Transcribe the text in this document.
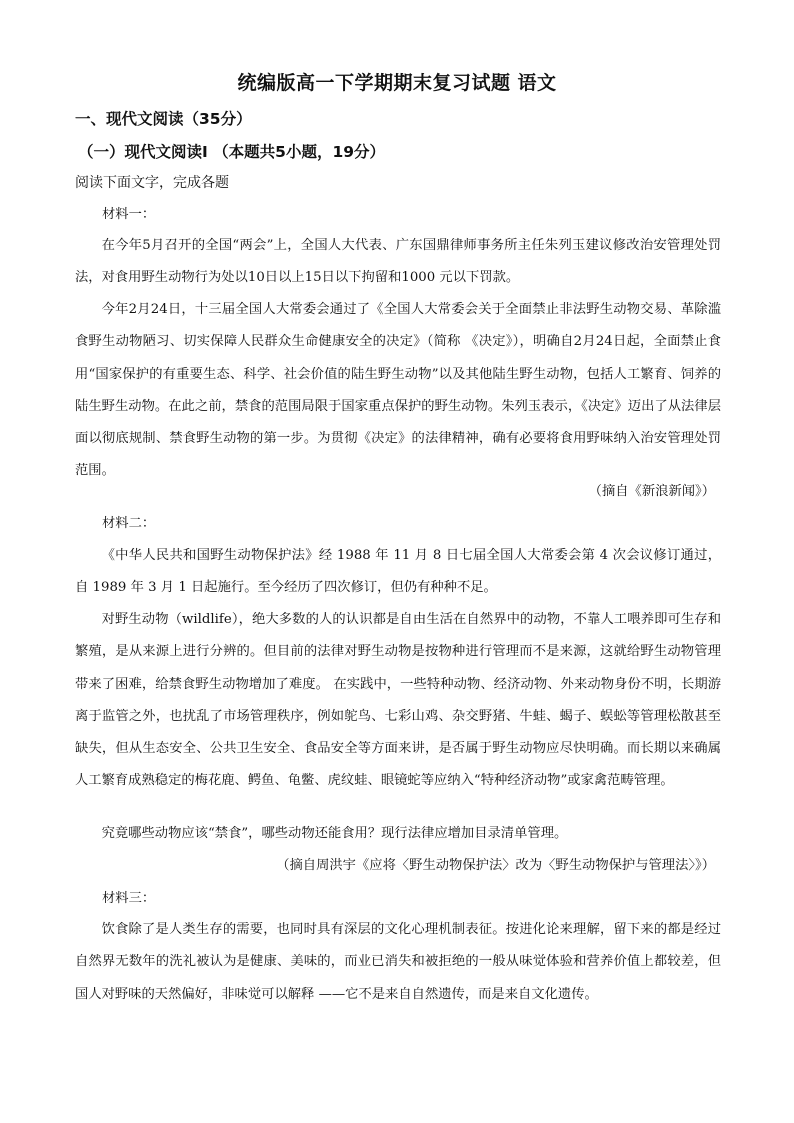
统编版高一下学期期末复习试题 语文
一、现代文阅读（35分）
（一）现代文阅读Ⅰ （本题共5小题，19分）

阅读下面文字，完成各题

材料一：

在今年5月召开的全国“两会”上，全国人大代表、广东国鼎律师事务所主任朱列玉建议修改治安管理处罚法，对食用野生动物行为处以10日以上15日以下拘留和1000 元以下罚款。

今年2月24日，十三届全国人大常委会通过了《全国人大常委会关于全面禁止非法野生动物交易、革除滥食野生动物陋习、切实保障人民群众生命健康安全的决定》（简称 《决定》），明确自2月24日起，全面禁止食用“国家保护的有重要生态、科学、社会价值的陆生野生动物”以及其他陆生野生动物，包括人工繁育、饲养的陆生野生动物。在此之前，禁食的范围局限于国家重点保护的野生动物。朱列玉表示，《决定》迈出了从法律层面以彻底规制、禁食野生动物的第一步。为贯彻《决定》的法律精神，确有必要将食用野味纳入治安管理处罚范围。

（摘自《新浪新闻》）

材料二：

《中华人民共和国野生动物保护法》经 1988 年 11 月 8 日七届全国人大常委会第 4 次会议修订通过，自 1989 年 3 月 1 日起施行。至今经历了四次修订，但仍有种种不足。

对野生动物（wildlife），绝大多数的人的认识都是自由生活在自然界中的动物，不靠人工喂养即可生存和繁殖，是从来源上进行分辨的。但目前的法律对野生动物是按物种进行管理而不是来源，这就给野生动物管理带来了困难，给禁食野生动物增加了难度。 在实践中，一些特种动物、经济动物、外来动物身份不明，长期游离于监管之外，也扰乱了市场管理秩序，例如鸵鸟、七彩山鸡、杂交野猪、牛蛙、蝎子、蜈蚣等管理松散甚至缺失，但从生态安全、公共卫生安全、食品安全等方面来讲，是否属于野生动物应尽快明确。而长期以来确属人工繁育成熟稳定的梅花鹿、鳄鱼、龟鳖、虎纹蛙、眼镜蛇等应纳入“特种经济动物”或家禽范畴管理。

究竟哪些动物应该“禁食”，哪些动物还能食用？现行法律应增加目录清单管理。

（摘自周洪宇《应将〈野生动物保护法〉改为〈野生动物保护与管理法〉》）

材料三：

饮食除了是人类生存的需要，也同时具有深层的文化心理机制表征。按进化论来理解，留下来的都是经过自然界无数年的洗礼被认为是健康、美味的，而业已消失和被拒绝的一般从味觉体验和营养价值上都较差，但国人对野味的天然偏好，非味觉可以解释 ——它不是来自自然遗传，而是来自文化遗传。
